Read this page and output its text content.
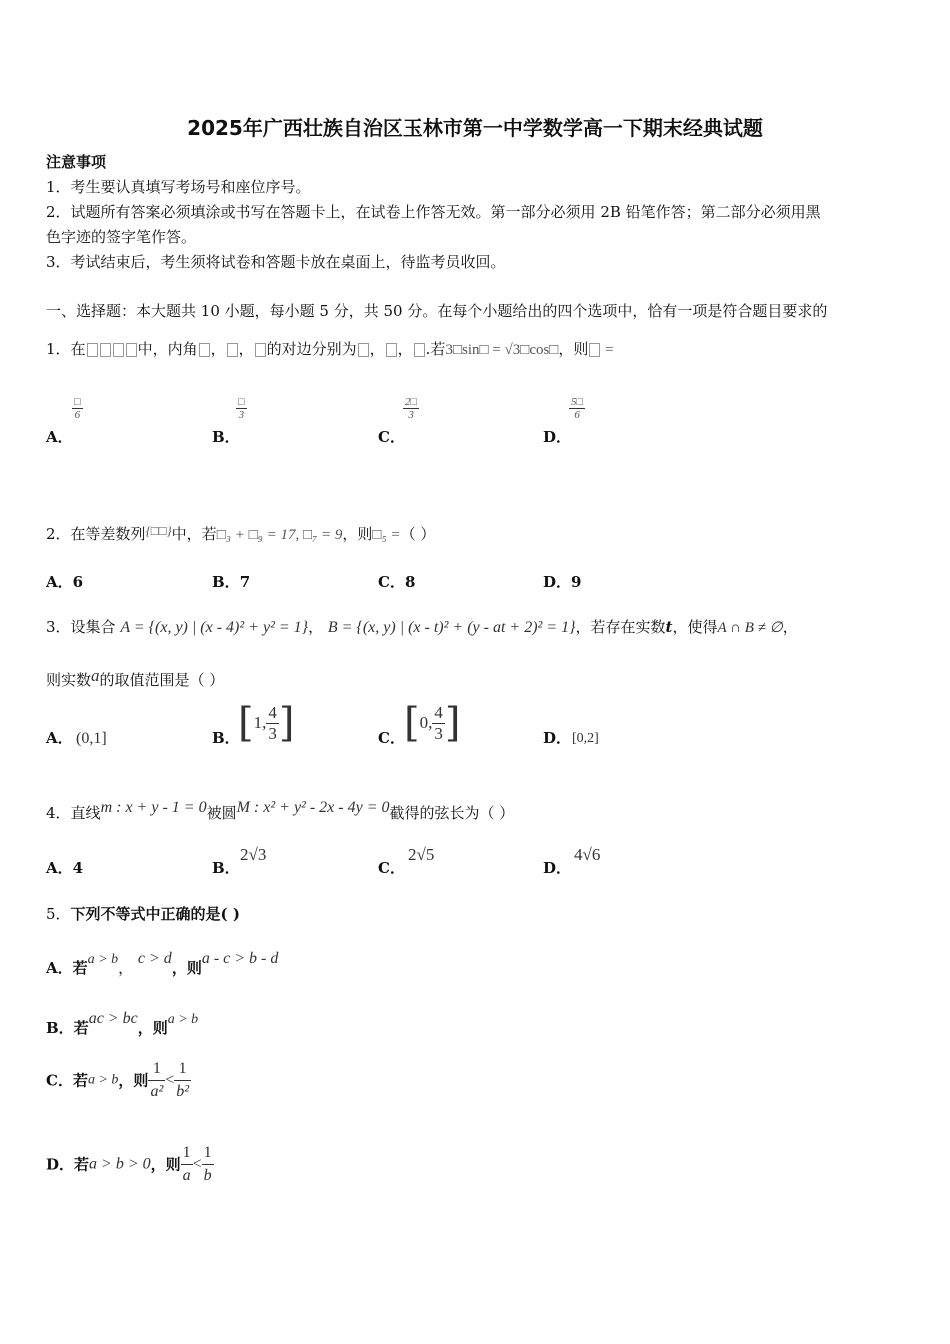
2025年广西壮族自治区玉林市第一中学数学高一下期末经典试题
注意事项
1．考生要认真填写考场号和座位序号。
2．试题所有答案必须填涂或书写在答题卡上，在试卷上作答无效。第一部分必须用 2B 铅笔作答；第二部分必须用黑
色字迹的签字笔作答。
3．考试结束后，考生须将试卷和答题卡放在桌面上，待监考员收回。
一、选择题：本大题共 10 小题，每小题 5 分，共 50 分。在每个小题给出的四个选项中，恰有一项是符合题目要求的
1．在	中，内角 ， ， 的对边分别为 ， ， .若3□sin□ = √3□cos□，则 =
A．
$\frac{□}{6}$
B．
$\frac{□}{3}$
C．
$\frac{2□}{3}$
D．
$\frac{5□}{6}$
2．在等差数列{□□}中，若□₃ + □₉ = 17, □₇ = 9，则□₅ =（ ）
A．6	B．7	C．8	D．9
3．设集合 A = {(x, y) | (x - 4)² + y² = 1}， B = {(x, y) | (x - t)² + (y - at + 2)² = 1}，若存在实数t，使得A ∩ B ≠ ∅，
则实数a的取值范围是（ ）
A． (0,1]	B．
[1, $\frac{4}{3}$ ]	C． [0, $\frac{4}{3}$ ]	D． [0,2]
4．直线m : x + y - 1 = 0被圆M : x² + y² - 2x - 4y = 0截得的弦长为（ ）
A．4	B．
2√3
C．
2√5
D．
4√6
5．下列不等式中正确的是( )
A．若a > b， c > d，则a - c > b - d
B．若ac > bc，则a > b
C．若a > b，则 $\frac{1}{\text{a²}} < \frac{1}{\text{b²}}$
D．若a > b > 0，则 $\frac{1}{a} < \frac{1}{b}$
